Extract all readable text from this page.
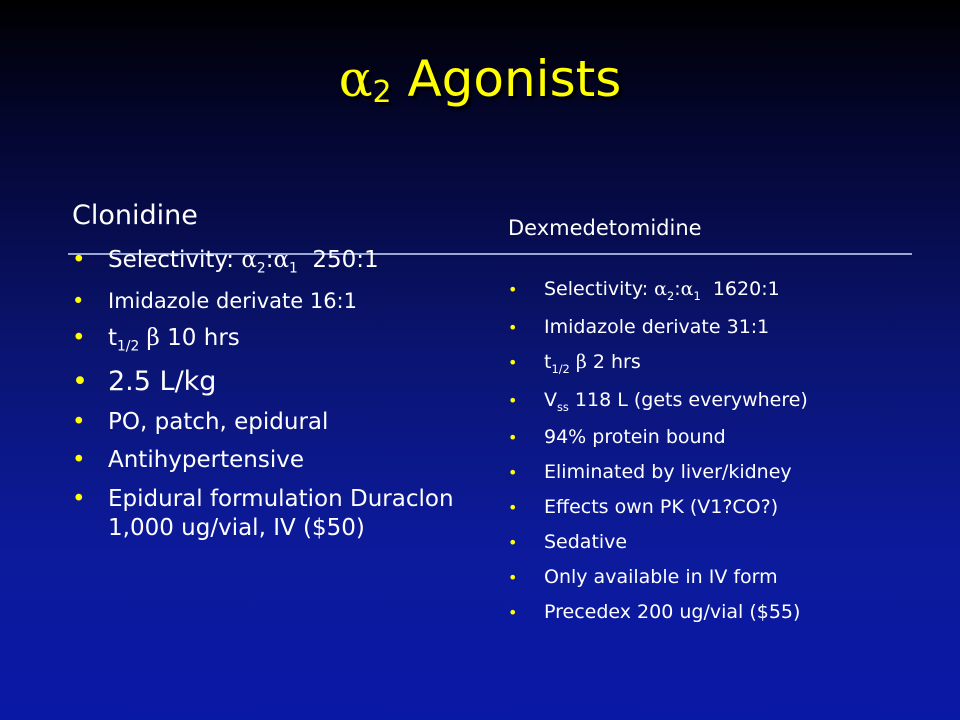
$\alpha_2$ Agonists
Clonidine
• Selectivity: $\alpha_2:\alpha_1$  250:1
• Imidazole derivate 16:1
• $t_{1/2}$ β 10 hrs
• 2.5 L/kg
• PO, patch, epidural
• Antihypertensive
• Epidural formulation Duraclon 1,000 ug/vial, IV ($50)
Dexmedetomidine
• Selectivity: $\alpha_2:\alpha_1$  1620:1
• Imidazole derivate 31:1
• $t_{1/2}$ β 2 hrs
• $V_{ss}$ 118 L (gets everywhere)
• 94% protein bound
• Eliminated by liver/kidney
• Effects own PK (V1?CO?)
• Sedative
• Only available in IV form
• Precedex 200 ug/vial ($55)
